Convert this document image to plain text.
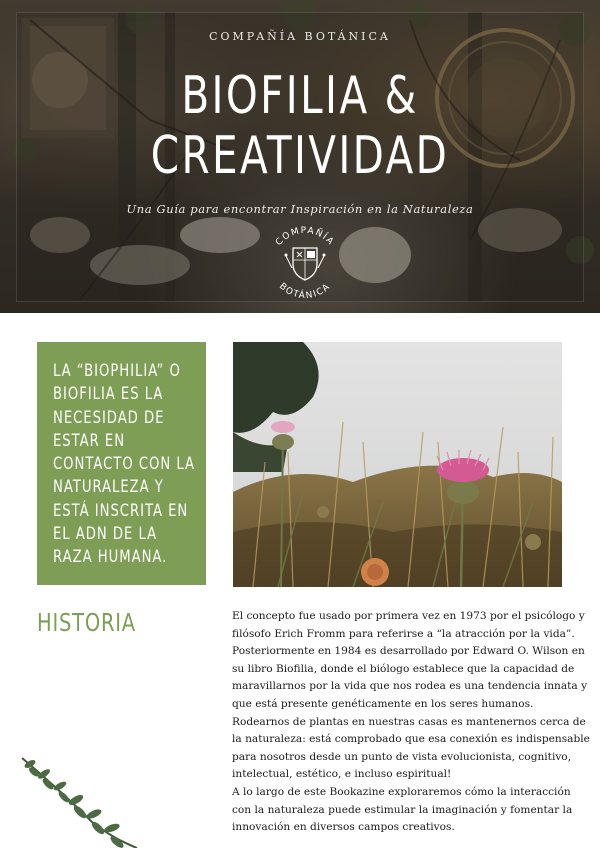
COMPAÑÍA BOTÁNICA
BIOFILIA &
CREATIVIDAD
Una Guía para encontrar Inspiración en la Naturaleza
COMPAÑÍA
BOTÁNICA
LA “BIOPHILIA” O
BIOFILIA ES LA
NECESIDAD DE
ESTAR EN
CONTACTO CON LA
NATURALEZA Y
ESTÁ INSCRITA EN
EL ADN DE LA
RAZA HUMANA.
HISTORIA	El concepto fue usado por primera vez en 1973 por el psicólogo y

filósofo Erich Fromm para referirse a “la atracción por la vida”.

Posteriormente en 1984 es desarrollado por Edward O. Wilson en

su libro Biofilia, donde el biólogo establece que la capacidad de

maravillarnos por la vida que nos rodea es una tendencia innata y

que está presente genéticamente en los seres humanos.

Rodearnos de plantas en nuestras casas es mantenernos cerca de

la naturaleza: está comprobado que esa conexión es indispensable

para nosotros desde un punto de vista evolucionista, cognitivo,

intelectual, estético, e incluso espiritual!

A lo largo de este Bookazine exploraremos cómo la interacción

con la naturaleza puede estimular la imaginación y fomentar la

innovación en diversos campos creativos.
